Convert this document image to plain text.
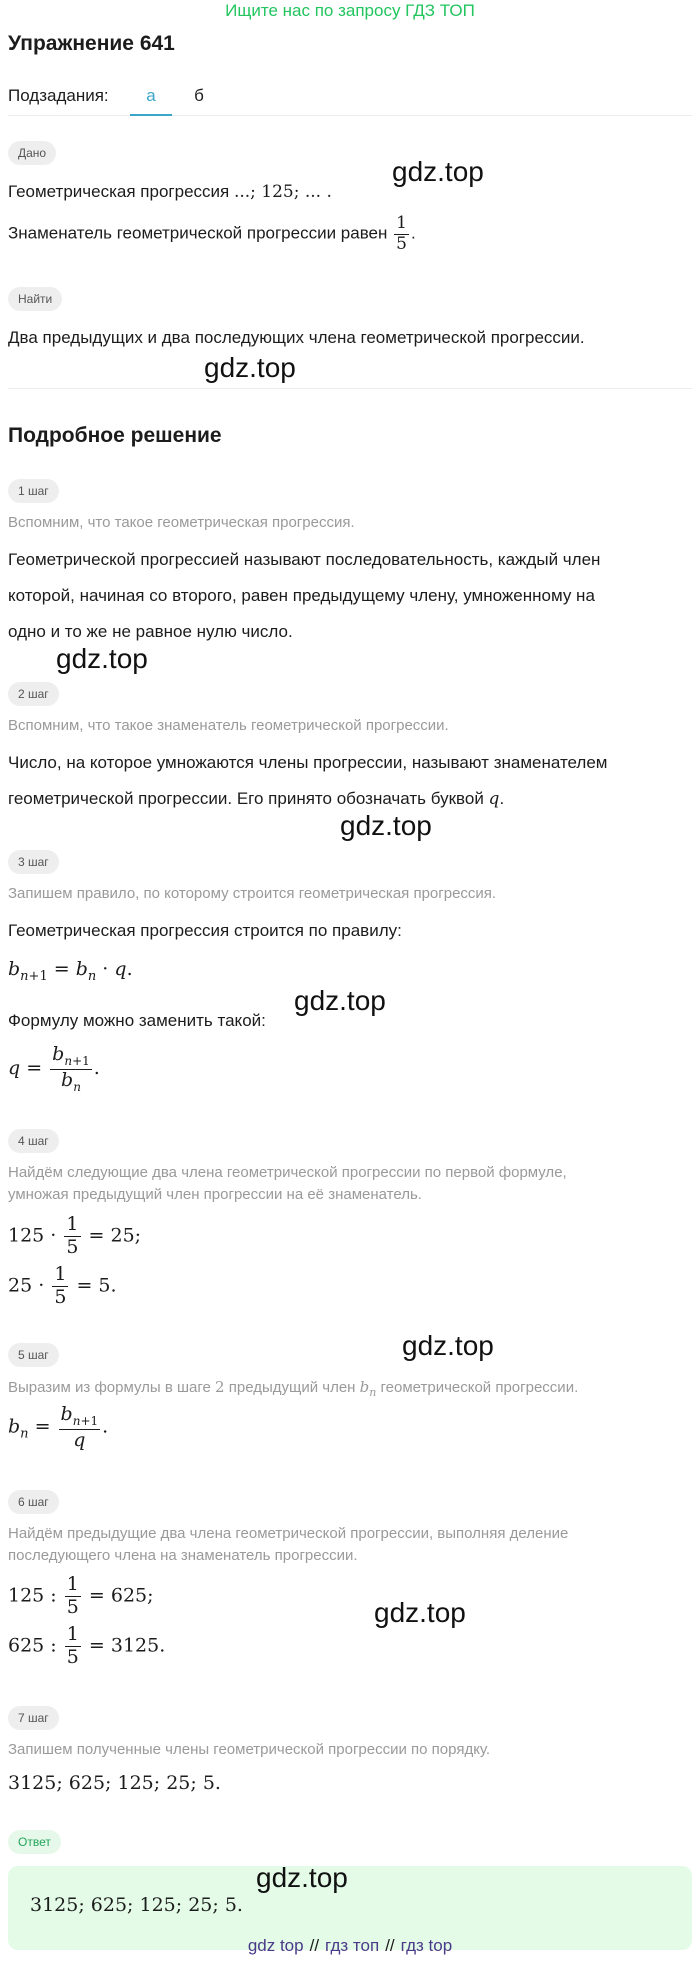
Ищите нас по запросу ГДЗ ТОП
Упражнение 641
Подзадания:	а	б
Дано
Геометрическая прогрессия ...; 125; ... .
Знаменатель геометрической прогрессии равен $\frac{1}{5}$ .
Найти
Два предыдущих и два последующих члена геометрической прогрессии.
Подробное решение
1 шаг
Вспомним, что такое геометрическая прогрессия.
Геометрической прогрессией называют последовательность, каждый член
которой, начиная со второго, равен предыдущему члену, умноженному на
одно и то же не равное нулю число.
2 шаг
Вспомним, что такое знаменатель геометрической прогрессии.
Число, на которое умножаются члены прогрессии, называют знаменателем
геометрической прогрессии. Его принято обозначать буквой q.
3 шаг
Запишем правило, по которому строится геометрическая прогрессия.
Геометрическая прогрессия строится по правилу:
$b_{n+1} = b_n \cdot q$.
Формулу можно заменить такой:
$q = \frac{b_{n+1}}{b_n}$ .
4 шаг
Найдём следующие два члена геометрической прогрессии по первой формуле,
умножая предыдущий член прогрессии на её знаменатель.
$125 \cdot \frac{1}{5} = 25$;
$25 \cdot \frac{1}{5} = 5$.
5 шаг
Выразим из формулы в шаге 2 предыдущий член $b_n$ геометрической прогрессии.
$b_n = \frac{b_{n+1}}{q}$ .
6 шаг
Найдём предыдущие два члена геометрической прогрессии, выполняя деление
последующего члена на знаменатель прогрессии.
125 : $\frac{1}{5} = 625$;
625 : $\frac{1}{5} = 3125$.
7 шаг
Запишем полученные члены геометрической прогрессии по порядку.
3125; 625; 125; 25; 5.
Ответ
3125; 625; 125; 25; 5.
gdz.top
gdz.top
gdz.top
gdz.top
gdz.top
gdz.top
gdz.top
gdz.top
gdz top // гдз топ // гдз top
